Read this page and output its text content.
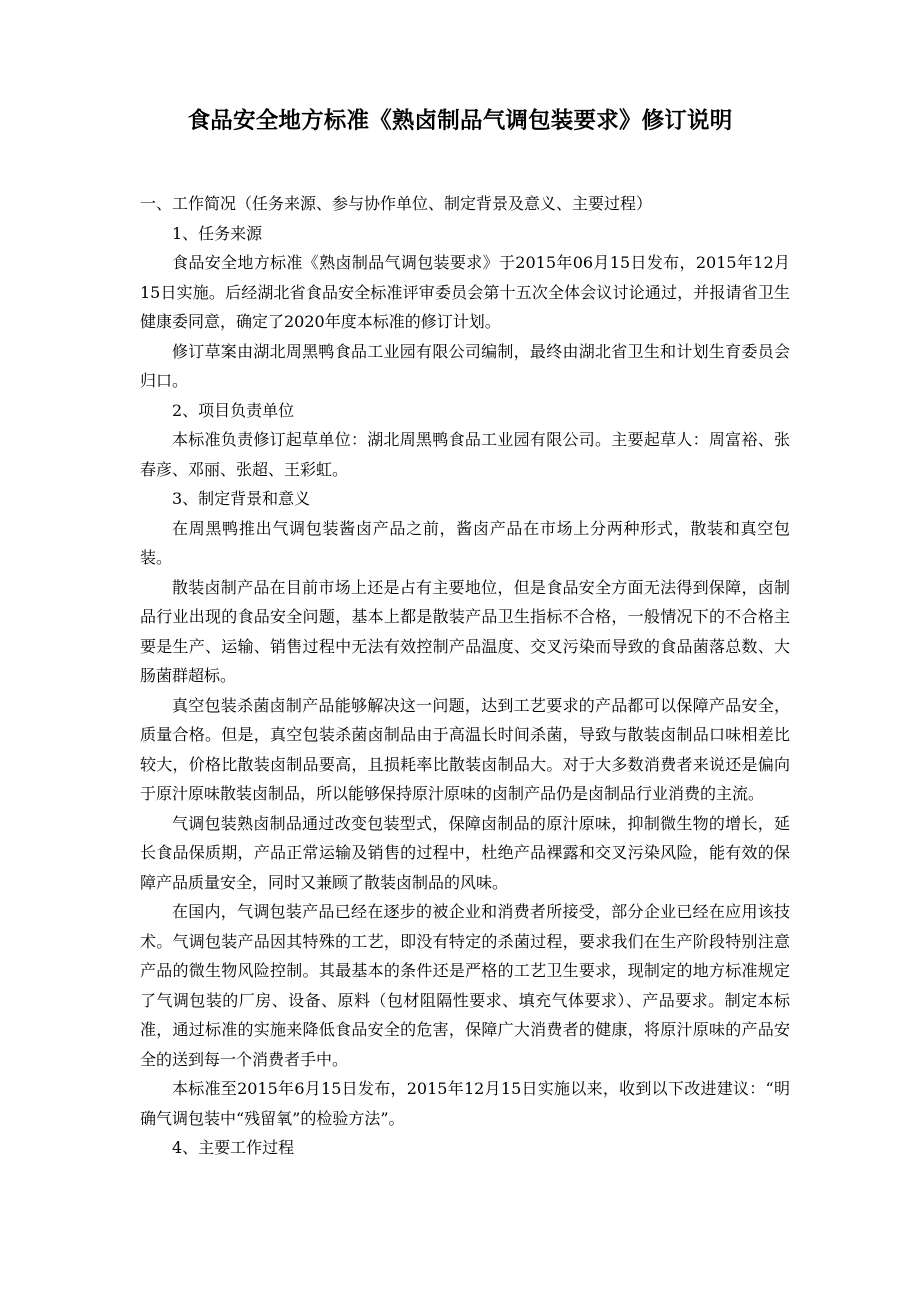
食品安全地方标准《熟卤制品气调包装要求》修订说明

一、工作简况（任务来源、参与协作单位、制定背景及意义、主要过程）

1、任务来源

食品安全地方标准《熟卤制品气调包装要求》于2015年06月15日发布，2015年12月15日实施。后经湖北省食品安全标准评审委员会第十五次全体会议讨论通过，并报请省卫生健康委同意，确定了2020年度本标准的修订计划。

修订草案由湖北周黑鸭食品工业园有限公司编制，最终由湖北省卫生和计划生育委员会归口。

2、项目负责单位

本标准负责修订起草单位：湖北周黑鸭食品工业园有限公司。主要起草人：周富裕、张春彦、邓丽、张超、王彩虹。

3、制定背景和意义

在周黑鸭推出气调包装酱卤产品之前，酱卤产品在市场上分两种形式，散装和真空包装。

散装卤制产品在目前市场上还是占有主要地位，但是食品安全方面无法得到保障，卤制品行业出现的食品安全问题，基本上都是散装产品卫生指标不合格，一般情况下的不合格主要是生产、运输、销售过程中无法有效控制产品温度、交叉污染而导致的食品菌落总数、大肠菌群超标。

真空包装杀菌卤制产品能够解决这一问题，达到工艺要求的产品都可以保障产品安全，质量合格。但是，真空包装杀菌卤制品由于高温长时间杀菌，导致与散装卤制品口味相差比较大，价格比散装卤制品要高，且损耗率比散装卤制品大。对于大多数消费者来说还是偏向于原汁原味散装卤制品，所以能够保持原汁原味的卤制产品仍是卤制品行业消费的主流。

气调包装熟卤制品通过改变包装型式，保障卤制品的原汁原味，抑制微生物的增长，延长食品保质期，产品正常运输及销售的过程中，杜绝产品裸露和交叉污染风险，能有效的保障产品质量安全，同时又兼顾了散装卤制品的风味。

在国内，气调包装产品已经在逐步的被企业和消费者所接受，部分企业已经在应用该技术。气调包装产品因其特殊的工艺，即没有特定的杀菌过程，要求我们在生产阶段特别注意产品的微生物风险控制。其最基本的条件还是严格的工艺卫生要求，现制定的地方标准规定了气调包装的厂房、设备、原料（包材阻隔性要求、填充气体要求）、产品要求。制定本标准，通过标准的实施来降低食品安全的危害，保障广大消费者的健康，将原汁原味的产品安全的送到每一个消费者手中。

本标准至2015年6月15日发布，2015年12月15日实施以来，收到以下改进建议：“明确气调包装中“残留氧”的检验方法”。

4、主要工作过程
